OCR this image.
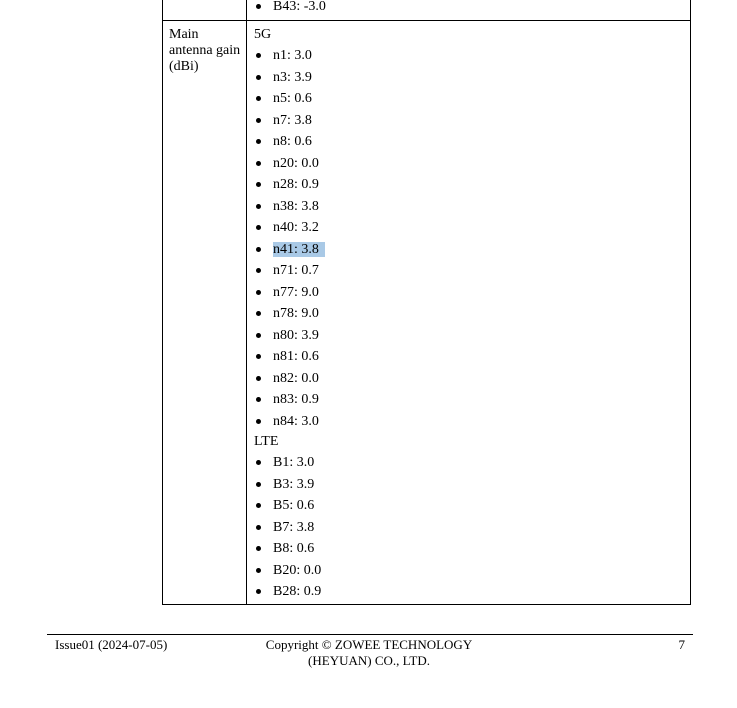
B43: -3.0
Main antenna gain (dBi)
5G
n1: 3.0
n3: 3.9
n5: 0.6
n7: 3.8
n8: 0.6
n20: 0.0
n28: 0.9
n38: 3.8
n40: 3.2
n41: 3.8
n71: 0.7
n77: 9.0
n78: 9.0
n80: 3.9
n81: 0.6
n82: 0.0
n83: 0.9
n84: 3.0
LTE
B1: 3.0
B3: 3.9
B5: 0.6
B7: 3.8
B8: 0.6
B20: 0.0
B28: 0.9
Issue01 (2024-07-05)	Copyright © ZOWEE TECHNOLOGY
(HEYUAN) CO., LTD.
7
